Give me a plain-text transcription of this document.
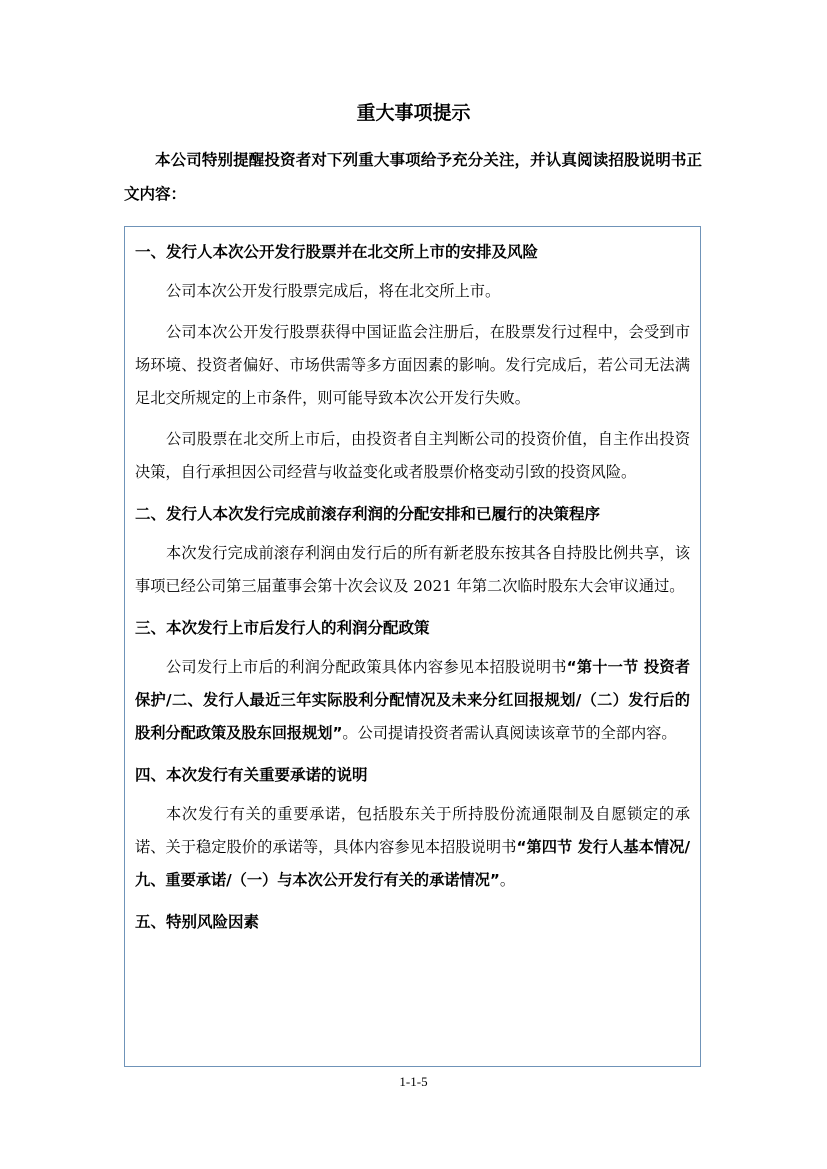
重大事项提示

本公司特别提醒投资者对下列重大事项给予充分关注，并认真阅读招股说明书正文内容：

一、发行人本次公开发行股票并在北交所上市的安排及风险

公司本次公开发行股票完成后，将在北交所上市。

公司本次公开发行股票获得中国证监会注册后，在股票发行过程中，会受到市场环境、投资者偏好、市场供需等多方面因素的影响。发行完成后，若公司无法满足北交所规定的上市条件，则可能导致本次公开发行失败。

公司股票在北交所上市后，由投资者自主判断公司的投资价值，自主作出投资决策，自行承担因公司经营与收益变化或者股票价格变动引致的投资风险。

二、发行人本次发行完成前滚存利润的分配安排和已履行的决策程序

本次发行完成前滚存利润由发行后的所有新老股东按其各自持股比例共享，该事项已经公司第三届董事会第十次会议及 2021 年第二次临时股东大会审议通过。

三、本次发行上市后发行人的利润分配政策

公司发行上市后的利润分配政策具体内容参见本招股说明书“第十一节 投资者保护/二、发行人最近三年实际股利分配情况及未来分红回报规划/（二）发行后的股利分配政策及股东回报规划”。公司提请投资者需认真阅读该章节的全部内容。

四、本次发行有关重要承诺的说明

本次发行有关的重要承诺，包括股东关于所持股份流通限制及自愿锁定的承诺、关于稳定股价的承诺等，具体内容参见本招股说明书“第四节 发行人基本情况/九、重要承诺/（一）与本次公开发行有关的承诺情况”。

五、特别风险因素
1-1-5
